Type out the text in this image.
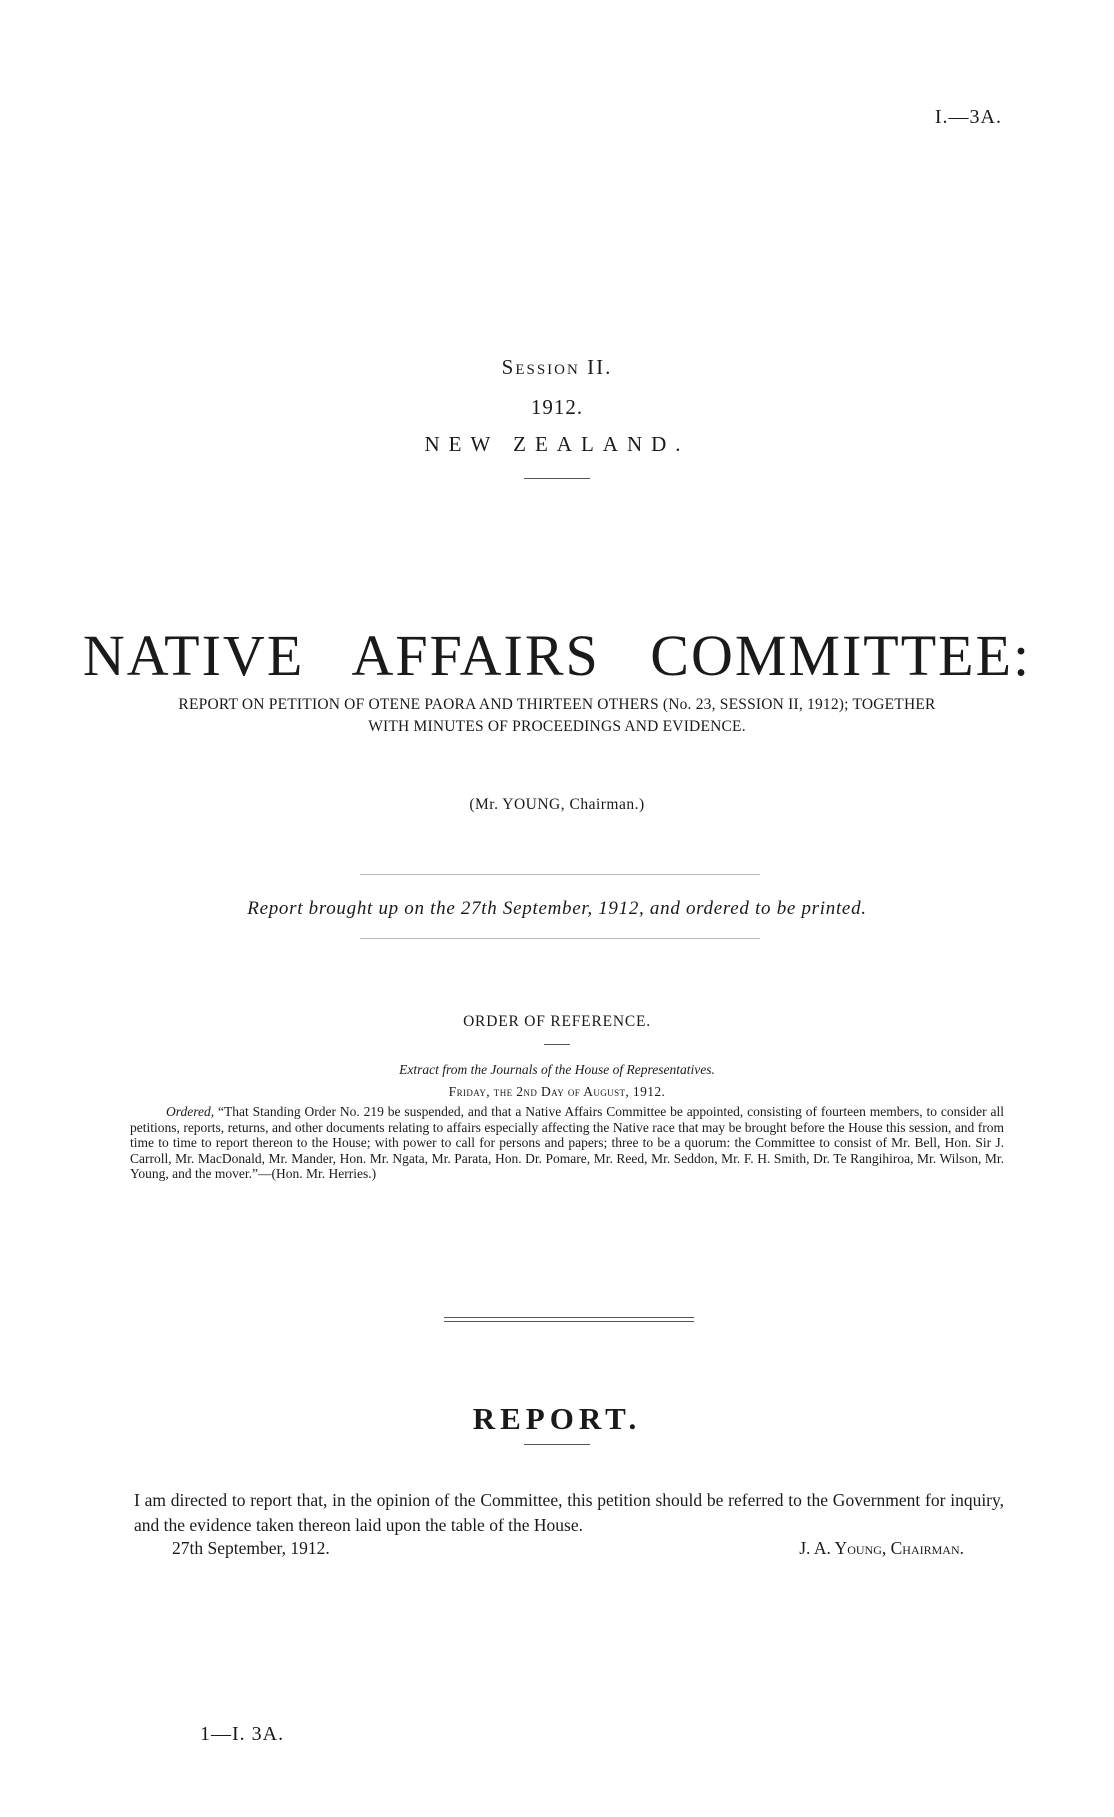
I.—3A.
Session II.
1912.
NEW ZEALAND.
NATIVE AFFAIRS COMMITTEE:
REPORT ON PETITION OF OTENE PAORA AND THIRTEEN OTHERS (No. 23, SESSION II, 1912); TOGETHER WITH MINUTES OF PROCEEDINGS AND EVIDENCE.
(Mr. YOUNG, Chairman.)
Report brought up on the 27th September, 1912, and ordered to be printed.
ORDER OF REFERENCE.
Extract from the Journals of the House of Representatives.
Friday, the 2nd Day of August, 1912.
Ordered, “That Standing Order No. 219 be suspended, and that a Native Affairs Committee be appointed, consisting of fourteen members, to consider all petitions, reports, returns, and other documents relating to affairs especially affecting the Native race that may be brought before the House this session, and from time to time to report thereon to the House; with power to call for persons and papers; three to be a quorum: the Committee to consist of Mr. Bell, Hon. Sir J. Carroll, Mr. MacDonald, Mr. Mander, Hon. Mr. Ngata, Mr. Parata, Hon. Dr. Pomare, Mr. Reed, Mr. Seddon, Mr. F. H. Smith, Dr. Te Rangihiroa, Mr. Wilson, Mr. Young, and the mover.”—(Hon. Mr. Herries.)
REPORT.
I am directed to report that, in the opinion of the Committee, this petition should be referred to the Government for inquiry, and the evidence taken thereon laid upon the table of the House.
27th September, 1912.	J. A. Young, Chairman.
1—I. 3A.
